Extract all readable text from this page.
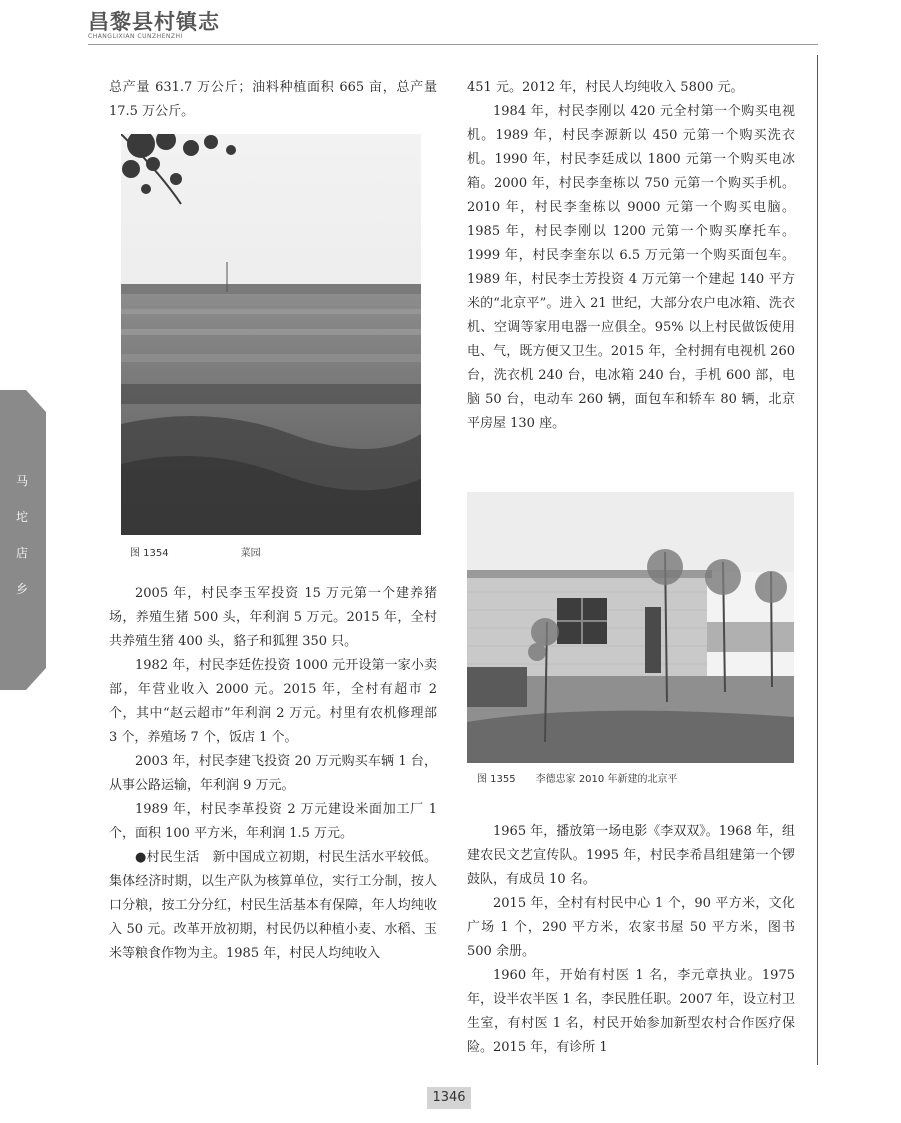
昌黎县村镇志
CHANGLIXIAN CUNZHENZHI

总产量 631.7 万公斤；油料种植面积 665 亩，总产量 17.5 万公斤。

图 1354	菜园

2005 年，村民李玉军投资 15 万元第一个建养猪场，养殖生猪 500 头，年利润 5 万元。2015 年，全村共养殖生猪 400 头，貉子和狐狸 350 只。

1982 年，村民李廷佐投资 1000 元开设第一家小卖部，年营业收入 2000 元。2015 年，全村有超市 2 个，其中“赵云超市”年利润 2 万元。村里有农机修理部 3 个，养殖场 7 个，饭店 1 个。

2003 年，村民李建飞投资 20 万元购买车辆 1 台，从事公路运输，年利润 9 万元。

1989 年，村民李革投资 2 万元建设米面加工厂 1 个，面积 100 平方米，年利润 1.5 万元。

●村民生活　新中国成立初期，村民生活水平较低。集体经济时期，以生产队为核算单位，实行工分制，按人口分粮，按工分分红，村民生活基本有保障，年人均纯收入 50 元。改革开放初期，村民仍以种植小麦、水稻、玉米等粮食作物为主。1985 年，村民人均纯收入

451 元。2012 年，村民人均纯收入 5800 元。

1984 年，村民李刚以 420 元全村第一个购买电视机。1989 年，村民李源新以 450 元第一个购买洗衣机。1990 年，村民李廷成以 1800 元第一个购买电冰箱。2000 年，村民李奎栋以 750 元第一个购买手机。2010 年，村民李奎栋以 9000 元第一个购买电脑。1985 年，村民李刚以 1200 元第一个购买摩托车。1999 年，村民李奎东以 6.5 万元第一个购买面包车。1989 年，村民李士芳投资 4 万元第一个建起 140 平方米的“北京平”。进入 21 世纪，大部分农户电冰箱、洗衣机、空调等家用电器一应俱全。95% 以上村民做饭使用电、气，既方便又卫生。2015 年，全村拥有电视机 260 台，洗衣机 240 台，电冰箱 240 台，手机 600 部，电脑 50 台，电动车 260 辆，面包车和轿车 80 辆，北京平房屋 130 座。

图 1355 李德忠家 2010 年新建的北京平

1965 年，播放第一场电影《李双双》。1968 年，组建农民文艺宣传队。1995 年，村民李希昌组建第一个锣鼓队，有成员 10 名。

2015 年，全村有村民中心 1 个，90 平方米，文化广场 1 个，290 平方米，农家书屋 50 平方米，图书 500 余册。

1960 年，开始有村医 1 名，李元章执业。1975 年，设半农半医 1 名，李民胜任职。2007 年，设立村卫生室，有村医 1 名，村民开始参加新型农村合作医疗保险。2015 年，有诊所 1

马
坨
店
乡
1346
